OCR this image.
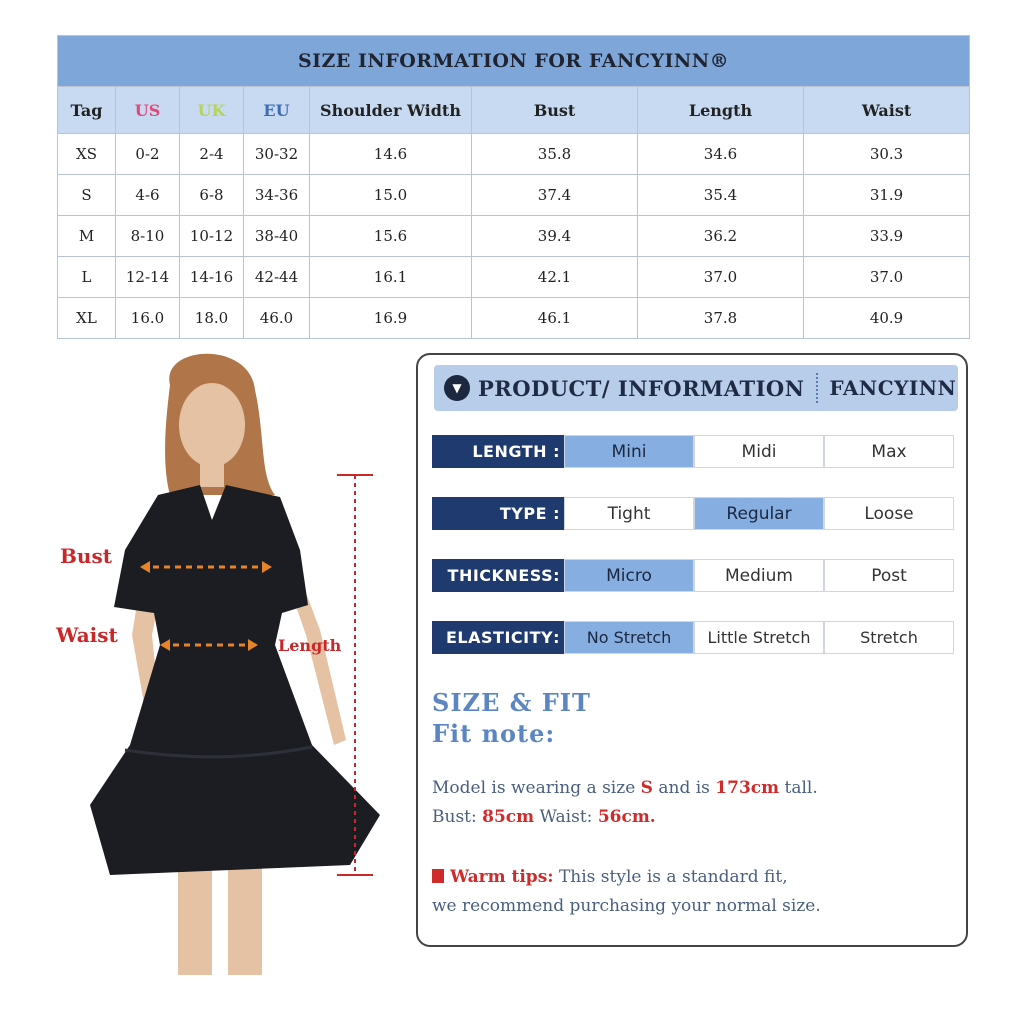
SIZE INFORMATION FOR FANCYINN®							
Tag	US	UK	EU	Shoulder Width	Bust	Length	Waist
XS	0-2	2-4	30-32	14.6	35.8	34.6	30.3
S	4-6	6-8	34-36	15.0	37.4	35.4	31.9
M	8-10	10-12	38-40	15.6	39.4	36.2	33.9
L	12-14	14-16	42-44	16.1	42.1	37.0	37.0
XL	16.0	18.0	46.0	16.9	46.1	37.8	40.9
Bust
Waist	Length
▼ PRODUCT/ INFORMATION FANCYINN
LENGTH :	Mini	Midi	Max
TYPE :	Tight	Regular	Loose
THICKNESS :	Micro	Medium	Post
ELASTICITY :	No Stretch	Little Stretch	Stretch
SIZE & FIT
Fit note:
Model is wearing a size S and is 173cm tall.
Bust: 85cm Waist: 56cm.
Warm tips: This style is a standard fit,
we recommend purchasing your normal size.
